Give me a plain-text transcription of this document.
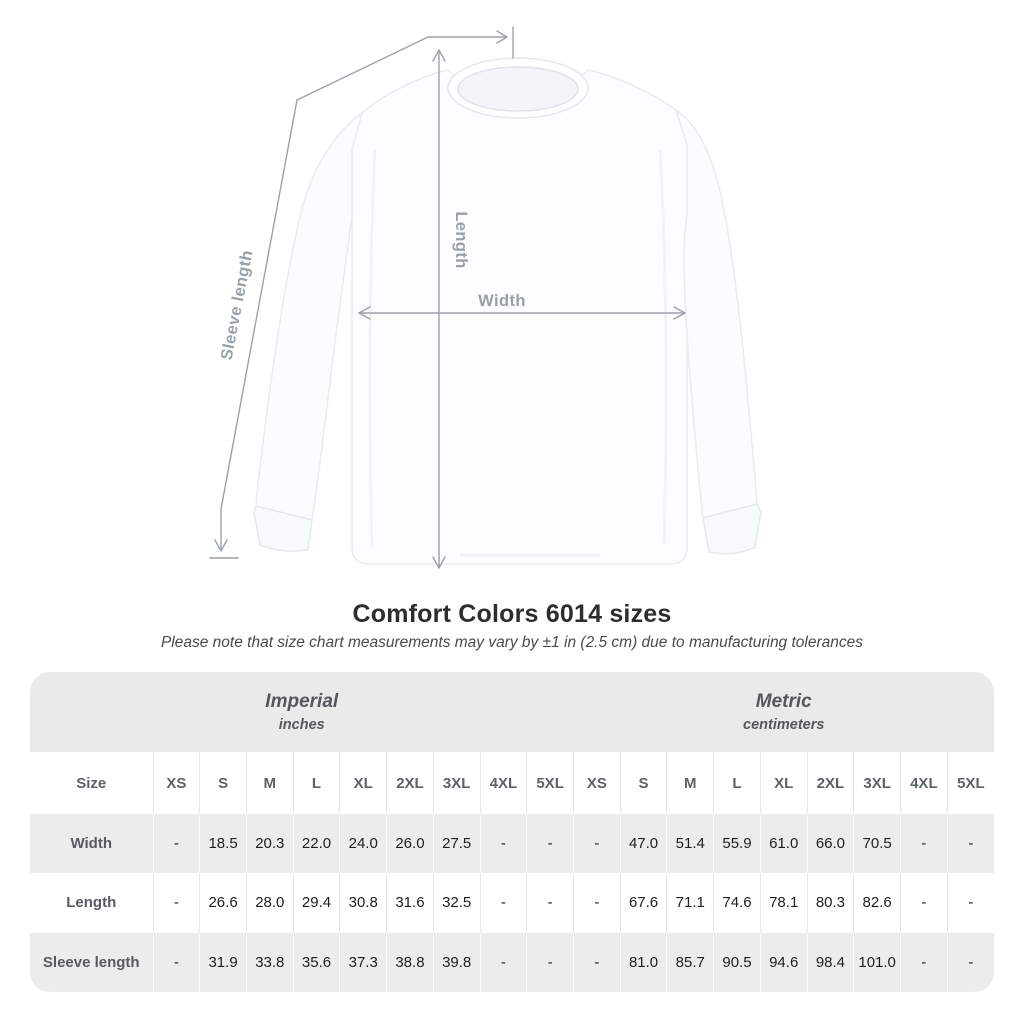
Sleeve length
Length
Width
Comfort Colors 6014 sizes
Please note that size chart measurements may vary by ±1 in (2.5 cm) due to manufacturing tolerances
Imperial
inches

Metric
centimeters

Size	XS	S	M	L	XL	2XL	3XL	4XL	5XL	XS	S	M	L	XL	2XL	3XL	4XL	5XL
Width	-	18.5	20.3	22.0	24.0	26.0	27.5	-	-	-	47.0	51.4	55.9	61.0	66.0	70.5	-	-
Length	-	26.6	28.0	29.4	30.8	31.6	32.5	-	-	-	67.6	71.1	74.6	78.1	80.3	82.6	-	-
Sleeve length	-	31.9	33.8	35.6	37.3	38.8	39.8	-	-	-	81.0	85.7	90.5	94.6	98.4	101.0	-	-
